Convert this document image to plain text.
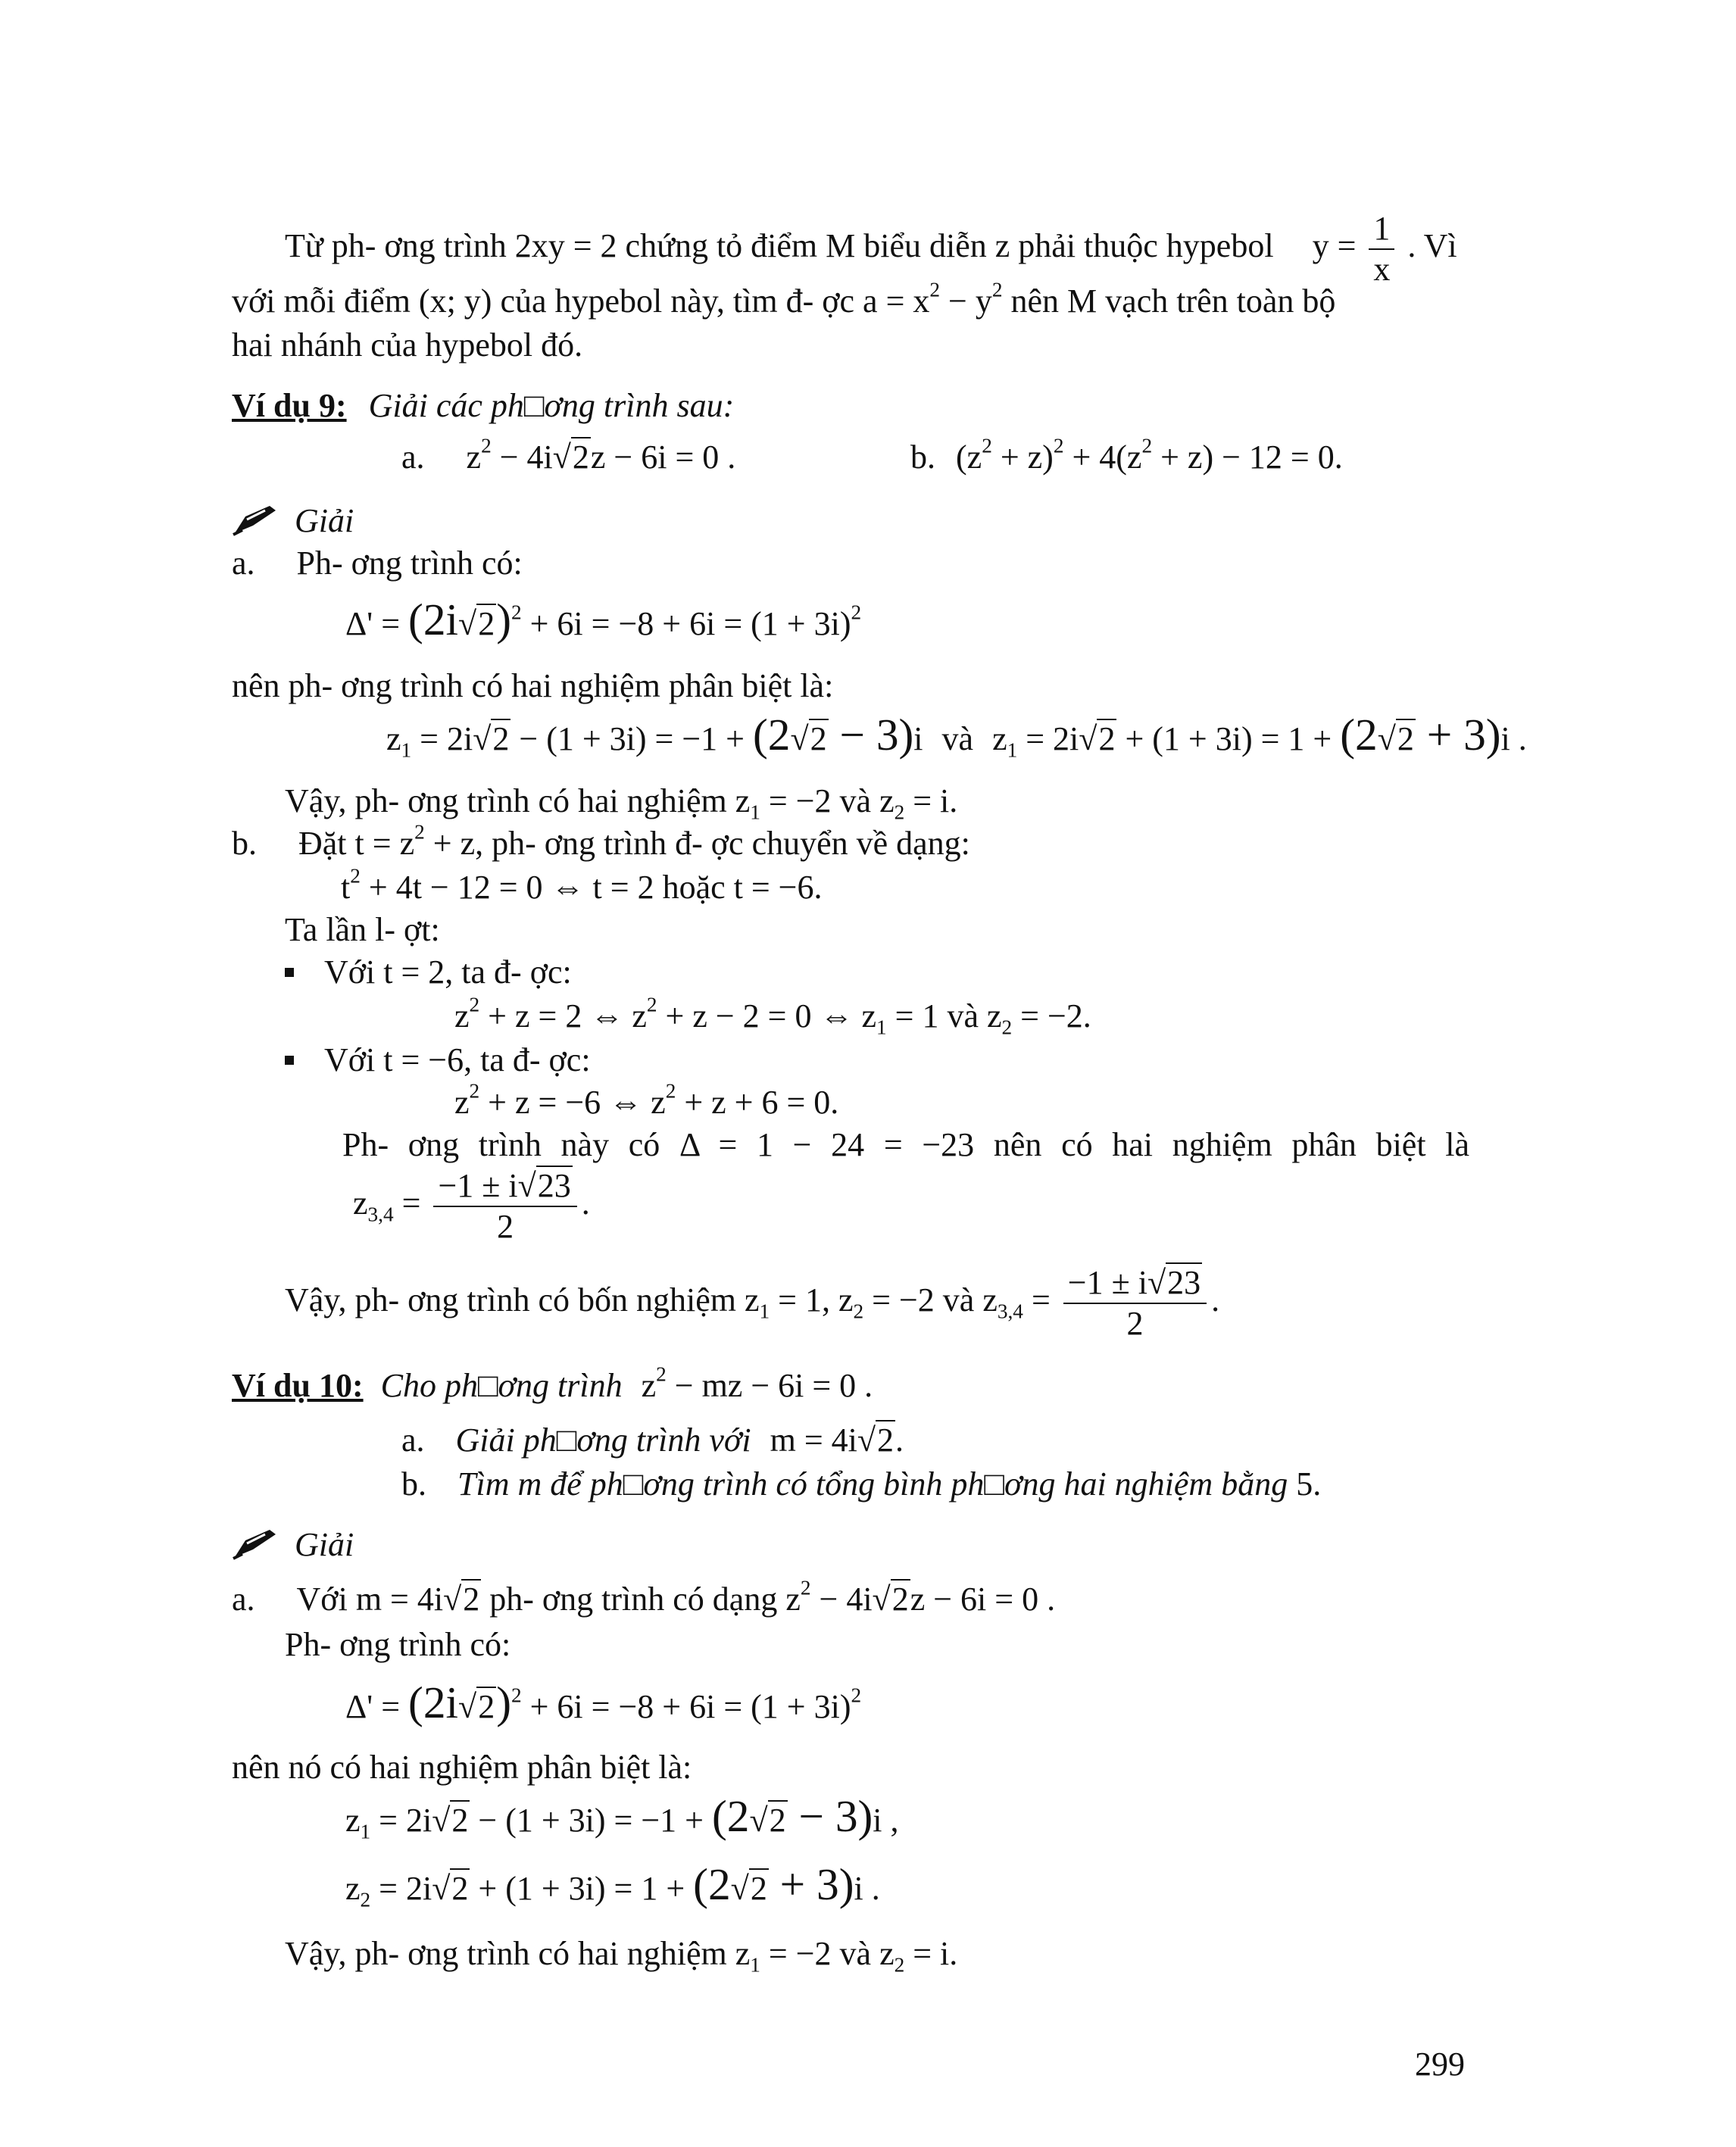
Từ ph- ơng trình 2xy = 2 chứng tỏ điểm M biểu diễn z phải thuộc hypebol $y = \frac{1}{x}$ . Vì
với mỗi điểm (x; y) của hypebol này, tìm đ- ợc $a = x^2 - y^2$ nên M vạch trên toàn bộ
hai nhánh của hypebol đó.
Ví dụ 9: Giải các ph□ơng trình sau:
a. $z^2 - 4i√2z - 6i = 0$ .	b. $(z^2 + z)^2 + 4(z^2 + z) - 12 = 0$.
Giải
a. Ph- ơng trình có:
$\Delta' = (2i√2)^2 + 6i = -8 + 6i = (1 + 3i)^2$
nên ph- ơng trình có hai nghiệm phân biệt là:
$z_1 = 2i√2 - (1 + 3i) = -1 + (2√2 - 3)i$ và $z_1 = 2i√2 + (1 + 3i) = 1 + (2√2 + 3)i$ .
Vậy, ph- ơng trình có hai nghiệm $z_1 = -2$ và $z_2 = i$.
b. Đặt $t = z^2 + z$, ph- ơng trình đ- ợc chuyển về dạng:
$t^2 + 4t - 12 = 0$ ⇔ t = 2 hoặc t = −6.
Ta lần l- ợt:
Với t = 2, ta đ- ợc:
$z^2 + z = 2$ ⇔ $z^2 + z - 2 = 0$ ⇔ $z_1 = 1$ và $z_2 = -2$.
Với t = −6, ta đ- ợc:
$z^2 + z = -6$ ⇔ $z^2 + z + 6 = 0$.
Ph- ơng trình này có Δ = 1 − 24 = −23 nên có hai nghiệm phân biệt là
$z_{3,4} = \frac{-1 \pm i√23}{2}$ .
Vậy, ph- ơng trình có bốn nghiệm $z_1 = 1$, $z_2 = -2$ và $z_{3,4} = \frac{-1 \pm i√23}{2}$ .
Ví dụ 10: Cho ph□ơng trình $z^2$ − mz − 6i = 0 .
a. Giải ph□ơng trình với m = 4i√2.
b. Tìm m để ph□ơng trình có tổng bình ph□ơng hai nghiệm bằng 5.
Giải
a. Với m = 4i√2 ph- ơng trình có dạng $z^2 - 4i√2z - 6i = 0$ .
Ph- ơng trình có:
$\Delta' = (2i√2)^2 + 6i = -8 + 6i = (1 + 3i)^2$
nên nó có hai nghiệm phân biệt là:
$z_1 = 2i√2 - (1 + 3i) = -1 + (2√2 - 3)i$ ,
$z_2 = 2i√2 + (1 + 3i) = 1 + (2√2 + 3)i$ .
Vậy, ph- ơng trình có hai nghiệm $z_1 = -2$ và $z_2 = i$.
299
